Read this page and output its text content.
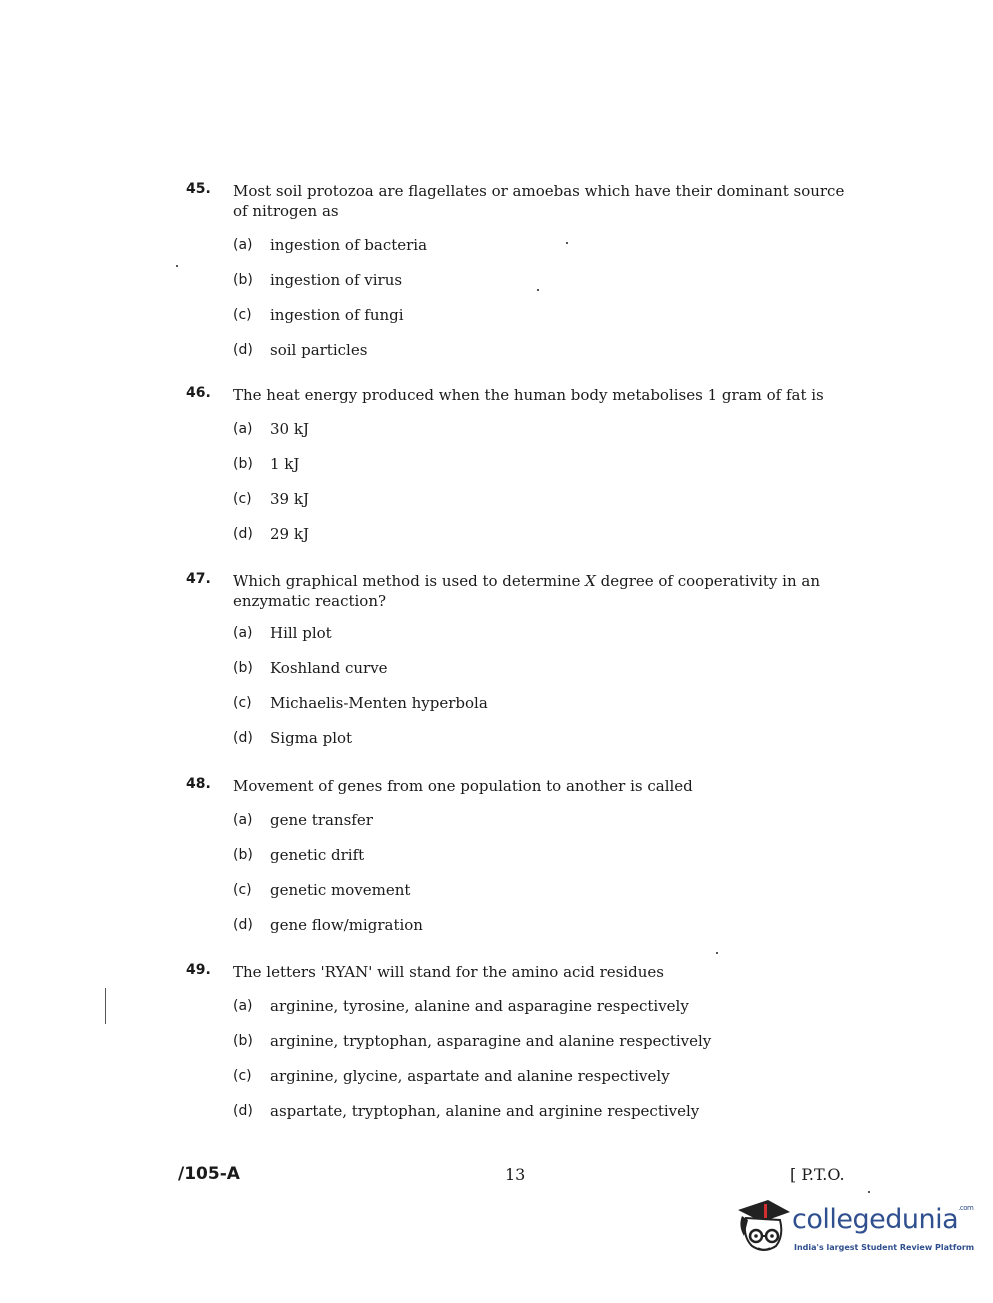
45. Most soil protozoa are flagellates or amoebas which have their dominant source of nitrogen as
(a) ingestion of bacteria
(b) ingestion of virus
(c) ingestion of fungi
(d) soil particles
46. The heat energy produced when the human body metabolises 1 gram of fat is
(a) 30 kJ
(b) 1 kJ
(c) 39 kJ
(d) 29 kJ
47. Which graphical method is used to determine X degree of cooperativity in an enzymatic reaction?
(a) Hill plot
(b) Koshland curve
(c) Michaelis-Menten hyperbola
(d) Sigma plot
48. Movement of genes from one population to another is called
(a) gene transfer
(b) genetic drift
(c) genetic movement
(d) gene flow/migration
49. The letters 'RYAN' will stand for the amino acid residues
(a) arginine, tyrosine, alanine and asparagine respectively
(b) arginine, tryptophan, asparagine and alanine respectively
(c) arginine, glycine, aspartate and alanine respectively
(d) aspartate, tryptophan, alanine and arginine respectively
/105-A	13	[ P.T.O.
collegedunia$^{.com}$
India's largest Student Review Platform
